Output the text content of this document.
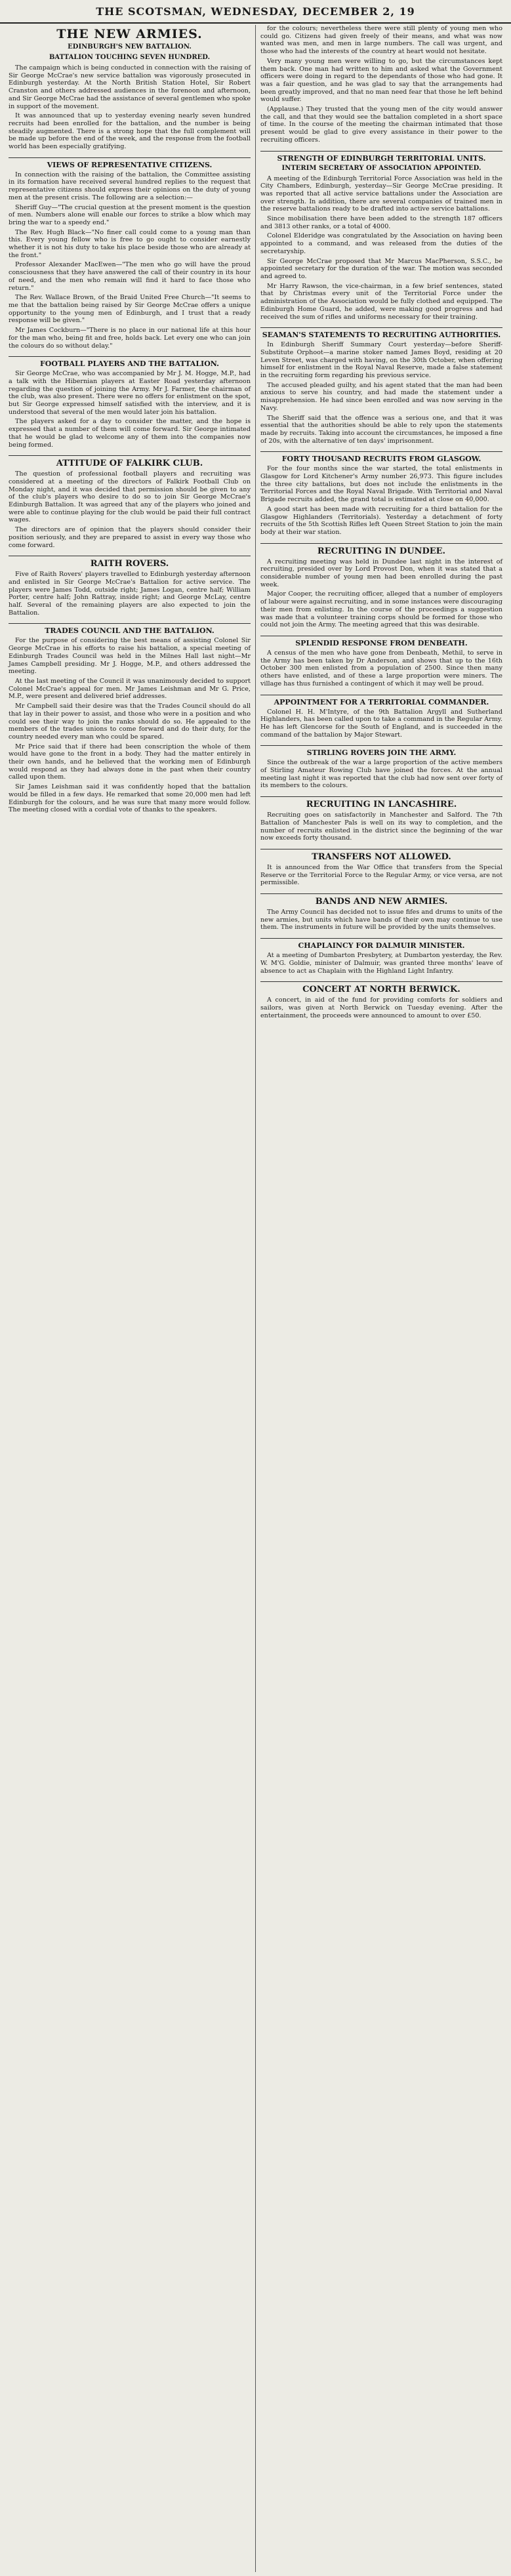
THE SCOTSMAN, WEDNESDAY, DECEMBER 2, 19
THE NEW ARMIES.
EDINBURGH'S NEW BATTALION.
BATTALION TOUCHING SEVEN HUNDRED.

The campaign which is being conducted in connection with the raising of Sir George McCrae's new service battalion was vigorously prosecuted in Edinburgh yesterday. At the North British Station Hotel, Sir Robert Cranston and others addressed audiences in the forenoon and afternoon, and Sir George McCrae had the assistance of several gentlemen who spoke in support of the movement.

It was announced that up to yesterday evening nearly seven hundred recruits had been enrolled for the battalion, and the number is being steadily augmented. There is a strong hope that the full complement will be made up before the end of the week, and the response from the football world has been especially gratifying.

VIEWS OF REPRESENTATIVE CITIZENS.

In connection with the raising of the battalion, the Committee assisting in its formation have received several hundred replies to the request that representative citizens should express their opinions on the duty of young men at the present crisis. The following are a selection:—

Sheriff Guy—"The crucial question at the present moment is the question of men. Numbers alone will enable our forces to strike a blow which may bring the war to a speedy end."

The Rev. Hugh Black—"No finer call could come to a young man than this. Every young fellow who is free to go ought to consider earnestly whether it is not his duty to take his place beside those who are already at the front."

Professor Alexander MacEwen—"The men who go will have the proud consciousness that they have answered the call of their country in its hour of need, and the men who remain will find it hard to face those who return."

The Rev. Wallace Brown, of the Braid United Free Church—"It seems to me that the battalion being raised by Sir George McCrae offers a unique opportunity to the young men of Edinburgh, and I trust that a ready response will be given."

Mr James Cockburn—"There is no place in our national life at this hour for the man who, being fit and free, holds back. Let every one who can join the colours do so without delay."

FOOTBALL PLAYERS AND THE BATTALION.

Sir George McCrae, who was accompanied by Mr J. M. Hogge, M.P., had a talk with the Hibernian players at Easter Road yesterday afternoon regarding the question of joining the Army. Mr J. Farmer, the chairman of the club, was also present. There were no offers for enlistment on the spot, but Sir George expressed himself satisfied with the interview, and it is understood that several of the men would later join his battalion.

The players asked for a day to consider the matter, and the hope is expressed that a number of them will come forward. Sir George intimated that he would be glad to welcome any of them into the companies now being formed.

ATTITUDE OF FALKIRK CLUB.

The question of professional football players and recruiting was considered at a meeting of the directors of Falkirk Football Club on Monday night, and it was decided that permission should be given to any of the club's players who desire to do so to join Sir George McCrae's Edinburgh Battalion. It was agreed that any of the players who joined and were able to continue playing for the club would be paid their full contract wages.

The directors are of opinion that the players should consider their position seriously, and they are prepared to assist in every way those who come forward.

RAITH ROVERS.

Five of Raith Rovers' players travelled to Edinburgh yesterday afternoon and enlisted in Sir George McCrae's Battalion for active service. The players were James Todd, outside right; James Logan, centre half; William Porter, centre half; John Rattray, inside right; and George McLay, centre half. Several of the remaining players are also expected to join the Battalion.

TRADES COUNCIL AND THE BATTALION.

For the purpose of considering the best means of assisting Colonel Sir George McCrae in his efforts to raise his battalion, a special meeting of Edinburgh Trades Council was held in the Milnes Hall last night—Mr James Campbell presiding. Mr J. Hogge, M.P., and others addressed the meeting.

At the last meeting of the Council it was unanimously decided to support Colonel McCrae's appeal for men. Mr James Leishman and Mr G. Price, M.P., were present and delivered brief addresses.

Mr Campbell said their desire was that the Trades Council should do all that lay in their power to assist, and those who were in a position and who could see their way to join the ranks should do so. He appealed to the members of the trades unions to come forward and do their duty, for the country needed every man who could be spared.

Mr Price said that if there had been conscription the whole of them would have gone to the front in a body. They had the matter entirely in their own hands, and he believed that the working men of Edinburgh would respond as they had always done in the past when their country called upon them.

Sir James Leishman said it was confidently hoped that the battalion would be filled in a few days. He remarked that some 20,000 men had left Edinburgh for the colours, and he was sure that many more would follow. The meeting closed with a cordial vote of thanks to the speakers.

for the colours; nevertheless there were still plenty of young men who could go. Citizens had given freely of their means, and what was now wanted was men, and men in large numbers. The call was urgent, and those who had the interests of the country at heart would not hesitate.

Very many young men were willing to go, but the circumstances kept them back. One man had written to him and asked what the Government officers were doing in regard to the dependants of those who had gone. It was a fair question, and he was glad to say that the arrangements had been greatly improved, and that no man need fear that those he left behind would suffer.

(Applause.) They trusted that the young men of the city would answer the call, and that they would see the battalion completed in a short space of time. In the course of the meeting the chairman intimated that those present would be glad to give every assistance in their power to the recruiting officers.

STRENGTH OF EDINBURGH TERRITORIAL UNITS.
INTERIM SECRETARY OF ASSOCIATION APPOINTED.

A meeting of the Edinburgh Territorial Force Association was held in the City Chambers, Edinburgh, yesterday—Sir George McCrae presiding. It was reported that all active service battalions under the Association are over strength. In addition, there are several companies of trained men in the reserve battalions ready to be drafted into active service battalions.

Since mobilisation there have been added to the strength 187 officers and 3813 other ranks, or a total of 4000.

Colonel Elderidge was congratulated by the Association on having been appointed to a command, and was released from the duties of the secretaryship.

Sir George McCrae proposed that Mr Marcus MacPherson, S.S.C., be appointed secretary for the duration of the war. The motion was seconded and agreed to.

Mr Harry Rawson, the vice-chairman, in a few brief sentences, stated that by Christmas every unit of the Territorial Force under the administration of the Association would be fully clothed and equipped. The Edinburgh Home Guard, he added, were making good progress and had received the sum of rifles and uniforms necessary for their training.

SEAMAN'S STATEMENTS TO RECRUITING AUTHORITIES.

In Edinburgh Sheriff Summary Court yesterday—before Sheriff-Substitute Orphoot—a marine stoker named James Boyd, residing at 20 Leven Street, was charged with having, on the 30th October, when offering himself for enlistment in the Royal Naval Reserve, made a false statement in the recruiting form regarding his previous service.

The accused pleaded guilty, and his agent stated that the man had been anxious to serve his country, and had made the statement under a misapprehension. He had since been enrolled and was now serving in the Navy.

The Sheriff said that the offence was a serious one, and that it was essential that the authorities should be able to rely upon the statements made by recruits. Taking into account the circumstances, he imposed a fine of 20s, with the alternative of ten days' imprisonment.

FORTY THOUSAND RECRUITS FROM GLASGOW.

For the four months since the war started, the total enlistments in Glasgow for Lord Kitchener's Army number 26,973. This figure includes the three city battalions, but does not include the enlistments in the Territorial Forces and the Royal Naval Brigade. With Territorial and Naval Brigade recruits added, the grand total is estimated at close on 40,000.

A good start has been made with recruiting for a third battalion for the Glasgow Highlanders (Territorials). Yesterday a detachment of forty recruits of the 5th Scottish Rifles left Queen Street Station to join the main body at their war station.

RECRUITING IN DUNDEE.

A recruiting meeting was held in Dundee last night in the interest of recruiting, presided over by Lord Provost Don, when it was stated that a considerable number of young men had been enrolled during the past week.

Major Cooper, the recruiting officer, alleged that a number of employers of labour were against recruiting, and in some instances were discouraging their men from enlisting. In the course of the proceedings a suggestion was made that a volunteer training corps should be formed for those who could not join the Army. The meeting agreed that this was desirable.

SPLENDID RESPONSE FROM DENBEATH.

A census of the men who have gone from Denbeath, Methil, to serve in the Army has been taken by Dr Anderson, and shows that up to the 16th October 300 men enlisted from a population of 2500. Since then many others have enlisted, and of these a large proportion were miners. The village has thus furnished a contingent of which it may well be proud.

APPOINTMENT FOR A TERRITORIAL COMMANDER.

Colonel H. H. M'Intyre, of the 9th Battalion Argyll and Sutherland Highlanders, has been called upon to take a command in the Regular Army. He has left Glencorse for the South of England, and is succeeded in the command of the battalion by Major Stewart.

STIRLING ROVERS JOIN THE ARMY.

Since the outbreak of the war a large proportion of the active members of Stirling Amateur Rowing Club have joined the forces. At the annual meeting last night it was reported that the club had now sent over forty of its members to the colours.

RECRUITING IN LANCASHIRE.

Recruiting goes on satisfactorily in Manchester and Salford. The 7th Battalion of Manchester Pals is well on its way to completion, and the number of recruits enlisted in the district since the beginning of the war now exceeds forty thousand.

TRANSFERS NOT ALLOWED.

It is announced from the War Office that transfers from the Special Reserve or the Territorial Force to the Regular Army, or vice versa, are not permissible.

BANDS AND NEW ARMIES.

The Army Council has decided not to issue fifes and drums to units of the new armies, but units which have bands of their own may continue to use them. The instruments in future will be provided by the units themselves.

CHAPLAINCY FOR DALMUIR MINISTER.

At a meeting of Dumbarton Presbytery, at Dumbarton yesterday, the Rev. W. M'G. Goldie, minister of Dalmuir, was granted three months' leave of absence to act as Chaplain with the Highland Light Infantry.

CONCERT AT NORTH BERWICK.

A concert, in aid of the fund for providing comforts for soldiers and sailors, was given at North Berwick on Tuesday evening. After the entertainment, the proceeds were announced to amount to over £50.
